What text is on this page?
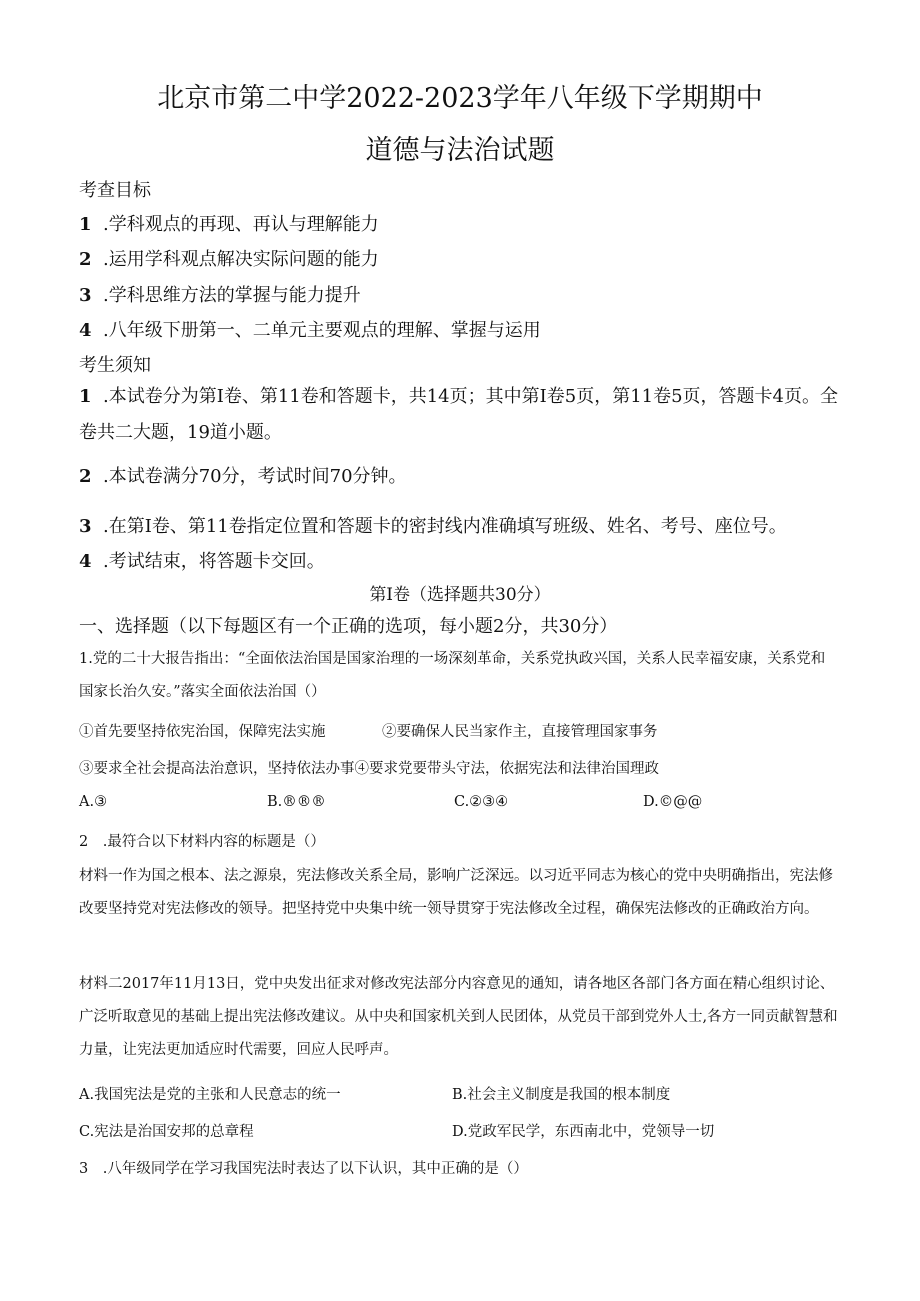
北京市第二中学2022-2023学年八年级下学期期中
道德与法治试题
考查目标
1 .学科观点的再现、再认与理解能力
2 .运用学科观点解决实际问题的能力
3 .学科思维方法的掌握与能力提升
4 .八年级下册第一、二单元主要观点的理解、掌握与运用
考生须知
1 .本试卷分为第I卷、第11卷和答题卡，共14页；其中第I卷5页，第11卷5页，答题卡4页。全卷共二大题，19道小题。
2 .本试卷满分70分，考试时间70分钟。
3 .在第I卷、第11卷指定位置和答题卡的密封线内准确填写班级、姓名、考号、座位号。
4 .考试结束，将答题卡交回。
第I卷（选择题共30分）
一、选择题（以下每题区有一个正确的选项，每小题2分，共30分）
1.党的二十大报告指出：“全面依法治国是国家治理的一场深刻革命，关系党执政兴国，关系人民幸福安康，关系党和国家长治久安。”落实全面依法治国（）
①首先要坚持依宪治国，保障宪法实施	②要确保人民当家作主，直接管理国家事务
③要求全社会提高法治意识，坚持依法办事④要求党要带头守法，依据宪法和法律治国理政
A.③	B.®®®	C.②③④	D.©@@
2　.最符合以下材料内容的标题是（）
材料一作为国之根本、法之源泉，宪法修改关系全局，影响广泛深远。以习近平同志为核心的党中央明确指出，宪法修改要坚持党对宪法修改的领导。把坚持党中央集中统一领导贯穿于宪法修改全过程，确保宪法修改的正确政治方向。
材料二2017年11月13日，党中央发出征求对修改宪法部分内容意见的通知，请各地区各部门各方面在精心组织讨论、广泛听取意见的基础上提出宪法修改建议。从中央和国家机关到人民团体，从党员干部到党外人士,各方一同贡献智慧和力量，让宪法更加适应时代需要，回应人民呼声。
A.我国宪法是党的主张和人民意志的统一	B.社会主义制度是我国的根本制度
C.宪法是治国安邦的总章程	D.党政军民学，东西南北中，党领导一切
3　.八年级同学在学习我国宪法时表达了以下认识，其中正确的是（）
